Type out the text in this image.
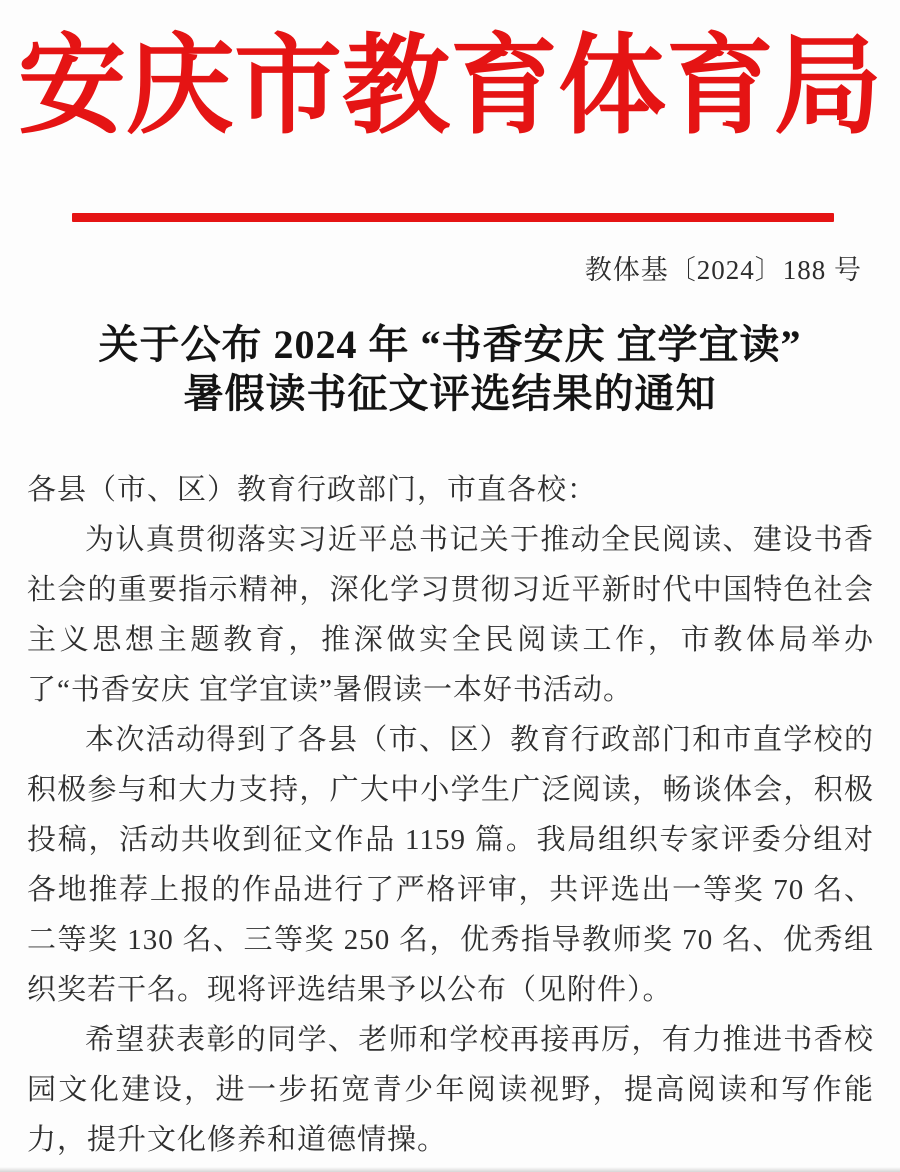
安庆市教育体育局
教体基〔2024〕188 号
关于公布 2024 年 “书香安庆 宜学宜读”
暑假读书征文评选结果的通知

各县（市、区）教育行政部门，市直各校：

为认真贯彻落实习近平总书记关于推动全民阅读、建设书香社会的重要指示精神，深化学习贯彻习近平新时代中国特色社会主义思想主题教育，推深做实全民阅读工作，市教体局举办了“书香安庆 宜学宜读”暑假读一本好书活动。

本次活动得到了各县（市、区）教育行政部门和市直学校的积极参与和大力支持，广大中小学生广泛阅读，畅谈体会，积极投稿，活动共收到征文作品 1159 篇。我局组织专家评委分组对各地推荐上报的作品进行了严格评审，共评选出一等奖 70 名、二等奖 130 名、三等奖 250 名，优秀指导教师奖 70 名、优秀组织奖若干名。现将评选结果予以公布（见附件）。

希望获表彰的同学、老师和学校再接再厉，有力推进书香校园文化建设，进一步拓宽青少年阅读视野，提高阅读和写作能力，提升文化修养和道德情操。
